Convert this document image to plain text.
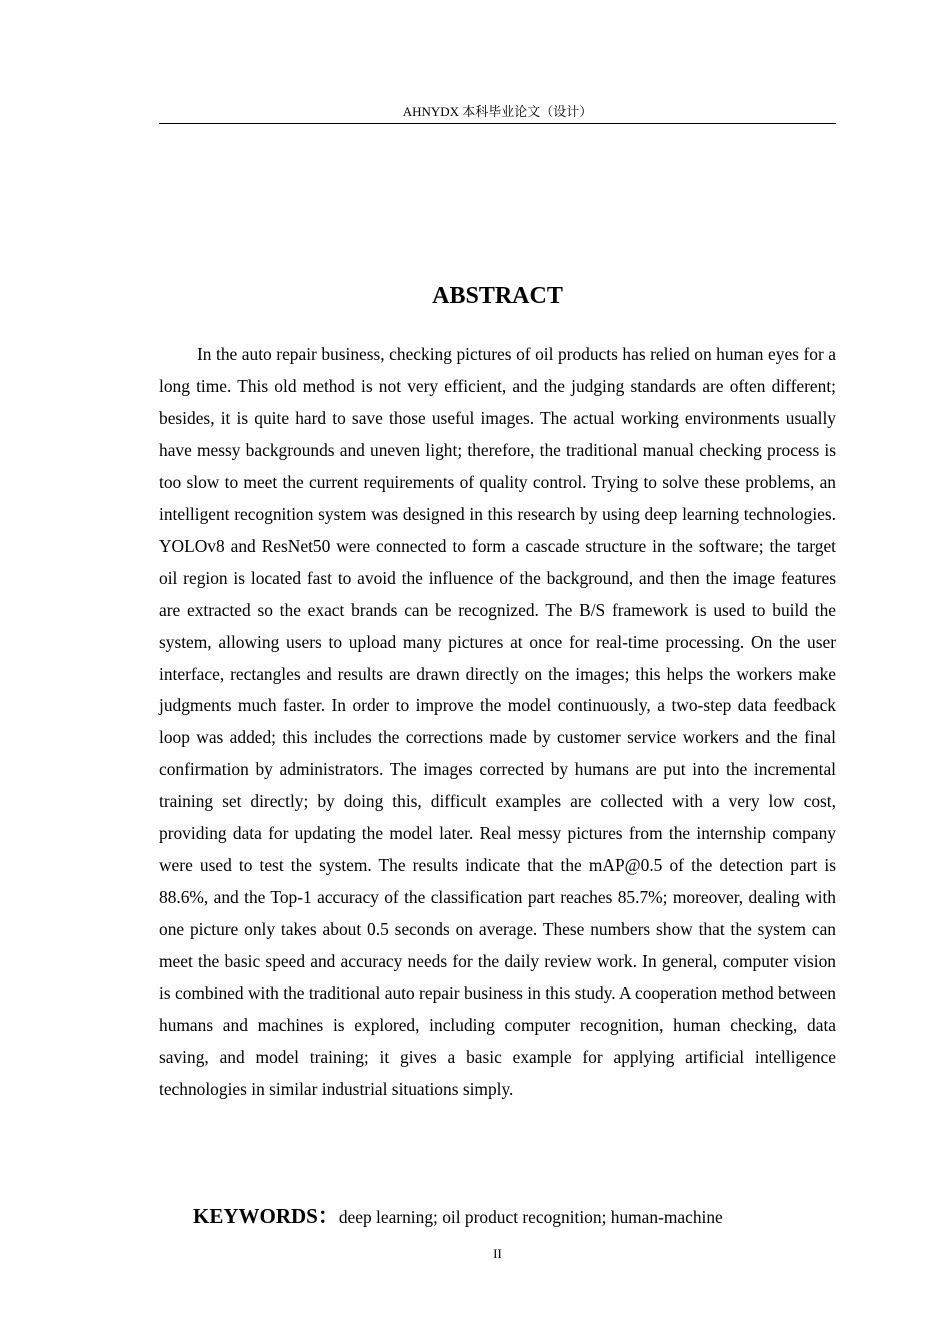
AHNYDX 本科毕业论文（设计）
ABSTRACT

In the auto repair business, checking pictures of oil products has relied on human eyes for a long time. This old method is not very efficient, and the judging standards are often different; besides, it is quite hard to save those useful images. The actual working environments usually have messy backgrounds and uneven light; therefore, the traditional manual checking process is too slow to meet the current requirements of quality control. Trying to solve these problems, an intelligent recognition system was designed in this research by using deep learning technologies. YOLOv8 and ResNet50 were connected to form a cascade structure in the software; the target oil region is located fast to avoid the influence of the background, and then the image features are extracted so the exact brands can be recognized. The B/S framework is used to build the system, allowing users to upload many pictures at once for real-time processing. On the user interface, rectangles and results are drawn directly on the images; this helps the workers make judgments much faster. In order to improve the model continuously, a two-step data feedback loop was added; this includes the corrections made by customer service workers and the final confirmation by administrators. The images corrected by humans are put into the incremental training set directly; by doing this, difficult examples are collected with a very low cost, providing data for updating the model later. Real messy pictures from the internship company were used to test the system. The results indicate that the mAP@0.5 of the detection part is 88.6%, and the Top-1 accuracy of the classification part reaches 85.7%; moreover, dealing with one picture only takes about 0.5 seconds on average. These numbers show that the system can meet the basic speed and accuracy needs for the daily review work. In general, computer vision is combined with the traditional auto repair business in this study. A cooperation method between humans and machines is explored, including computer recognition, human checking, data saving, and model training; it gives a basic example for applying artificial intelligence technologies in similar industrial situations simply.

KEYWORDS：deep learning; oil product recognition; human-machine
II
